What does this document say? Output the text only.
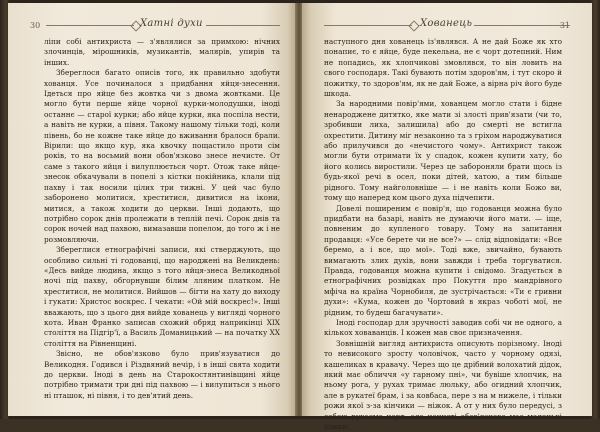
30	Хатні духи

ліпи собі антихриста — з'являлися за примхою: нічних злочинців, мірошників, музикантів, малярів, упирів та інших.

Збереглося багато описів того, як правильно здобути хованця. Усе починалося з придбання яйця-знесення. Ідеться про яйце без жовтка чи з двома жовтками. Це могло бути перше яйце чорної курки-молодушки, іноді останнє — старої курки; або яйце курки, яка поспіла нести, а навіть не курки, а півня. Такому нашому тільки тоді, коли півень, бо не кожне таке яйце до вживання бралося брали. Вірили: що якщо кур, яка квочку пощастило проти сім років, то на восьмий вони обов'язково знесе нечисте. От саме з такого яйця і вилуплюється чорт. Отож таке яйце-знесок обкачували в попелі з кістки покійника, клали під пахву і так носили цілих три тижні. У цей час було заборонено молитися, хреститися, дивитися на ікони, митися, а також ходити до церкви. Інші додають, що потрібно сорок днів пролежати в теплій печі. Сорок днів та сорок ночей над пахвою, вимазавши попелом, до того ж і не розмовляючи.

Збереглися етнографічні записи, які стверджують, що особливо сильні ті годованці, що народжені на Великдень: «Десь вийде людина, якщо з того яйця-знеса Великодньої ночі під пахву, обгорнувши білим лляним платком. Не хреститися, не молитися. Вийшов — бігти на хату до виходу і гукати: Христос воскрес. І чекати: «Ой мій воскрес!». Інші вважають, що з цього дня вийде хованець у вигляді чорного кота. Иван Франко записав схожий обряд наприкінці XIX століття на Підгір'ї, а Василь Доманицький — на початку XX століття на Рівненщині.

Звісно, не обов'язково було прив'язуватися до Великодня. Годився і Різдвяний вечір, і в інші свята ходити до церкви. Іноді в день на Старокостянтинівщині яйце потрібно тримати три дні під пахвою — і вилупиться з нього ні пташок, ні півня, і то дев'ятий день.

Хованець	31

наступного дня хованець із'являвся. А не дай Боже як хто понапиє, то є яйце, буде пекельна, не є чорт дотепний. Ним не попадись, як хлопчикові змовлявся, то він ловить на свого господаря. Такі бувають потім здоров'ям, і тут скоро й пожитку, то здоров'ям, як не дай Боже, а вірна річ його буде шкода.

За народними повір'ями, хованцем могло стати і бідне ненароджене дитятко, яке мати зі злості прив'язати (чи то, зробивши лиха, залишила) або до смерті не встигла охрестити. Дитину міг незаконно та з гріхом народжуватися або прилучився до «нечистого чому». Антихрист також могли бути отримати їх у спадок, кожен купити хату, бо його колись виростили. Через це забороняли брати щось із будь-якої речі в осел, поки дітей, хатою, а тим більше рідного. Тому найголовніше — і не навіть коли Божо ви, тому що наперед ком цього духа підчепити.

Довелі поширеним є повір'я, що годованця можна було придбати на базарі, навіть не думаючи його мати. — іще, повненим до купленого товару. Тому на запитання продавця: «Усе берете чи не все?» — слід відповідати: «Все беремо, а і все, що мої». Тоді вже, звичайно, бувають вимагають злих духів, вони завжди і треба торгуватися. Правда, годованця можна купити і свідомо. Згадується в етнографічних розвідках про Покуття про мандрівного мфіча на країна Чорнобиля, де зустрічається: «Ти є гривни духи»: «Кума, кожен до Чортовий в якраз чоботі мої, не рідним, то будеш багачувати».

Іноді господар для зручності заводив собі чи не одного, а кількох ховаванців. І кожен мав своє призначення.

Зовнішній вигляд антихриста описують порізному. Іноді то невисокого зросту чоловічок, часто у чорному одязі, кашеликах в кравачу. Через що це дрібний волохатий дідок, який має обличчя «у гарному пні», чи бувіше хлопчик, на ньому рога, у рухах тримає люльку, або огидний хлопчик, але в рукатеї брам, і за ковбаса, пере з на м нижеле, і тільки рожи якої з-за кінчики — ніжок. А от у них було передусі, з собою рухаємо чорт, але нечисті обов'язково має маленькі ріжки.
